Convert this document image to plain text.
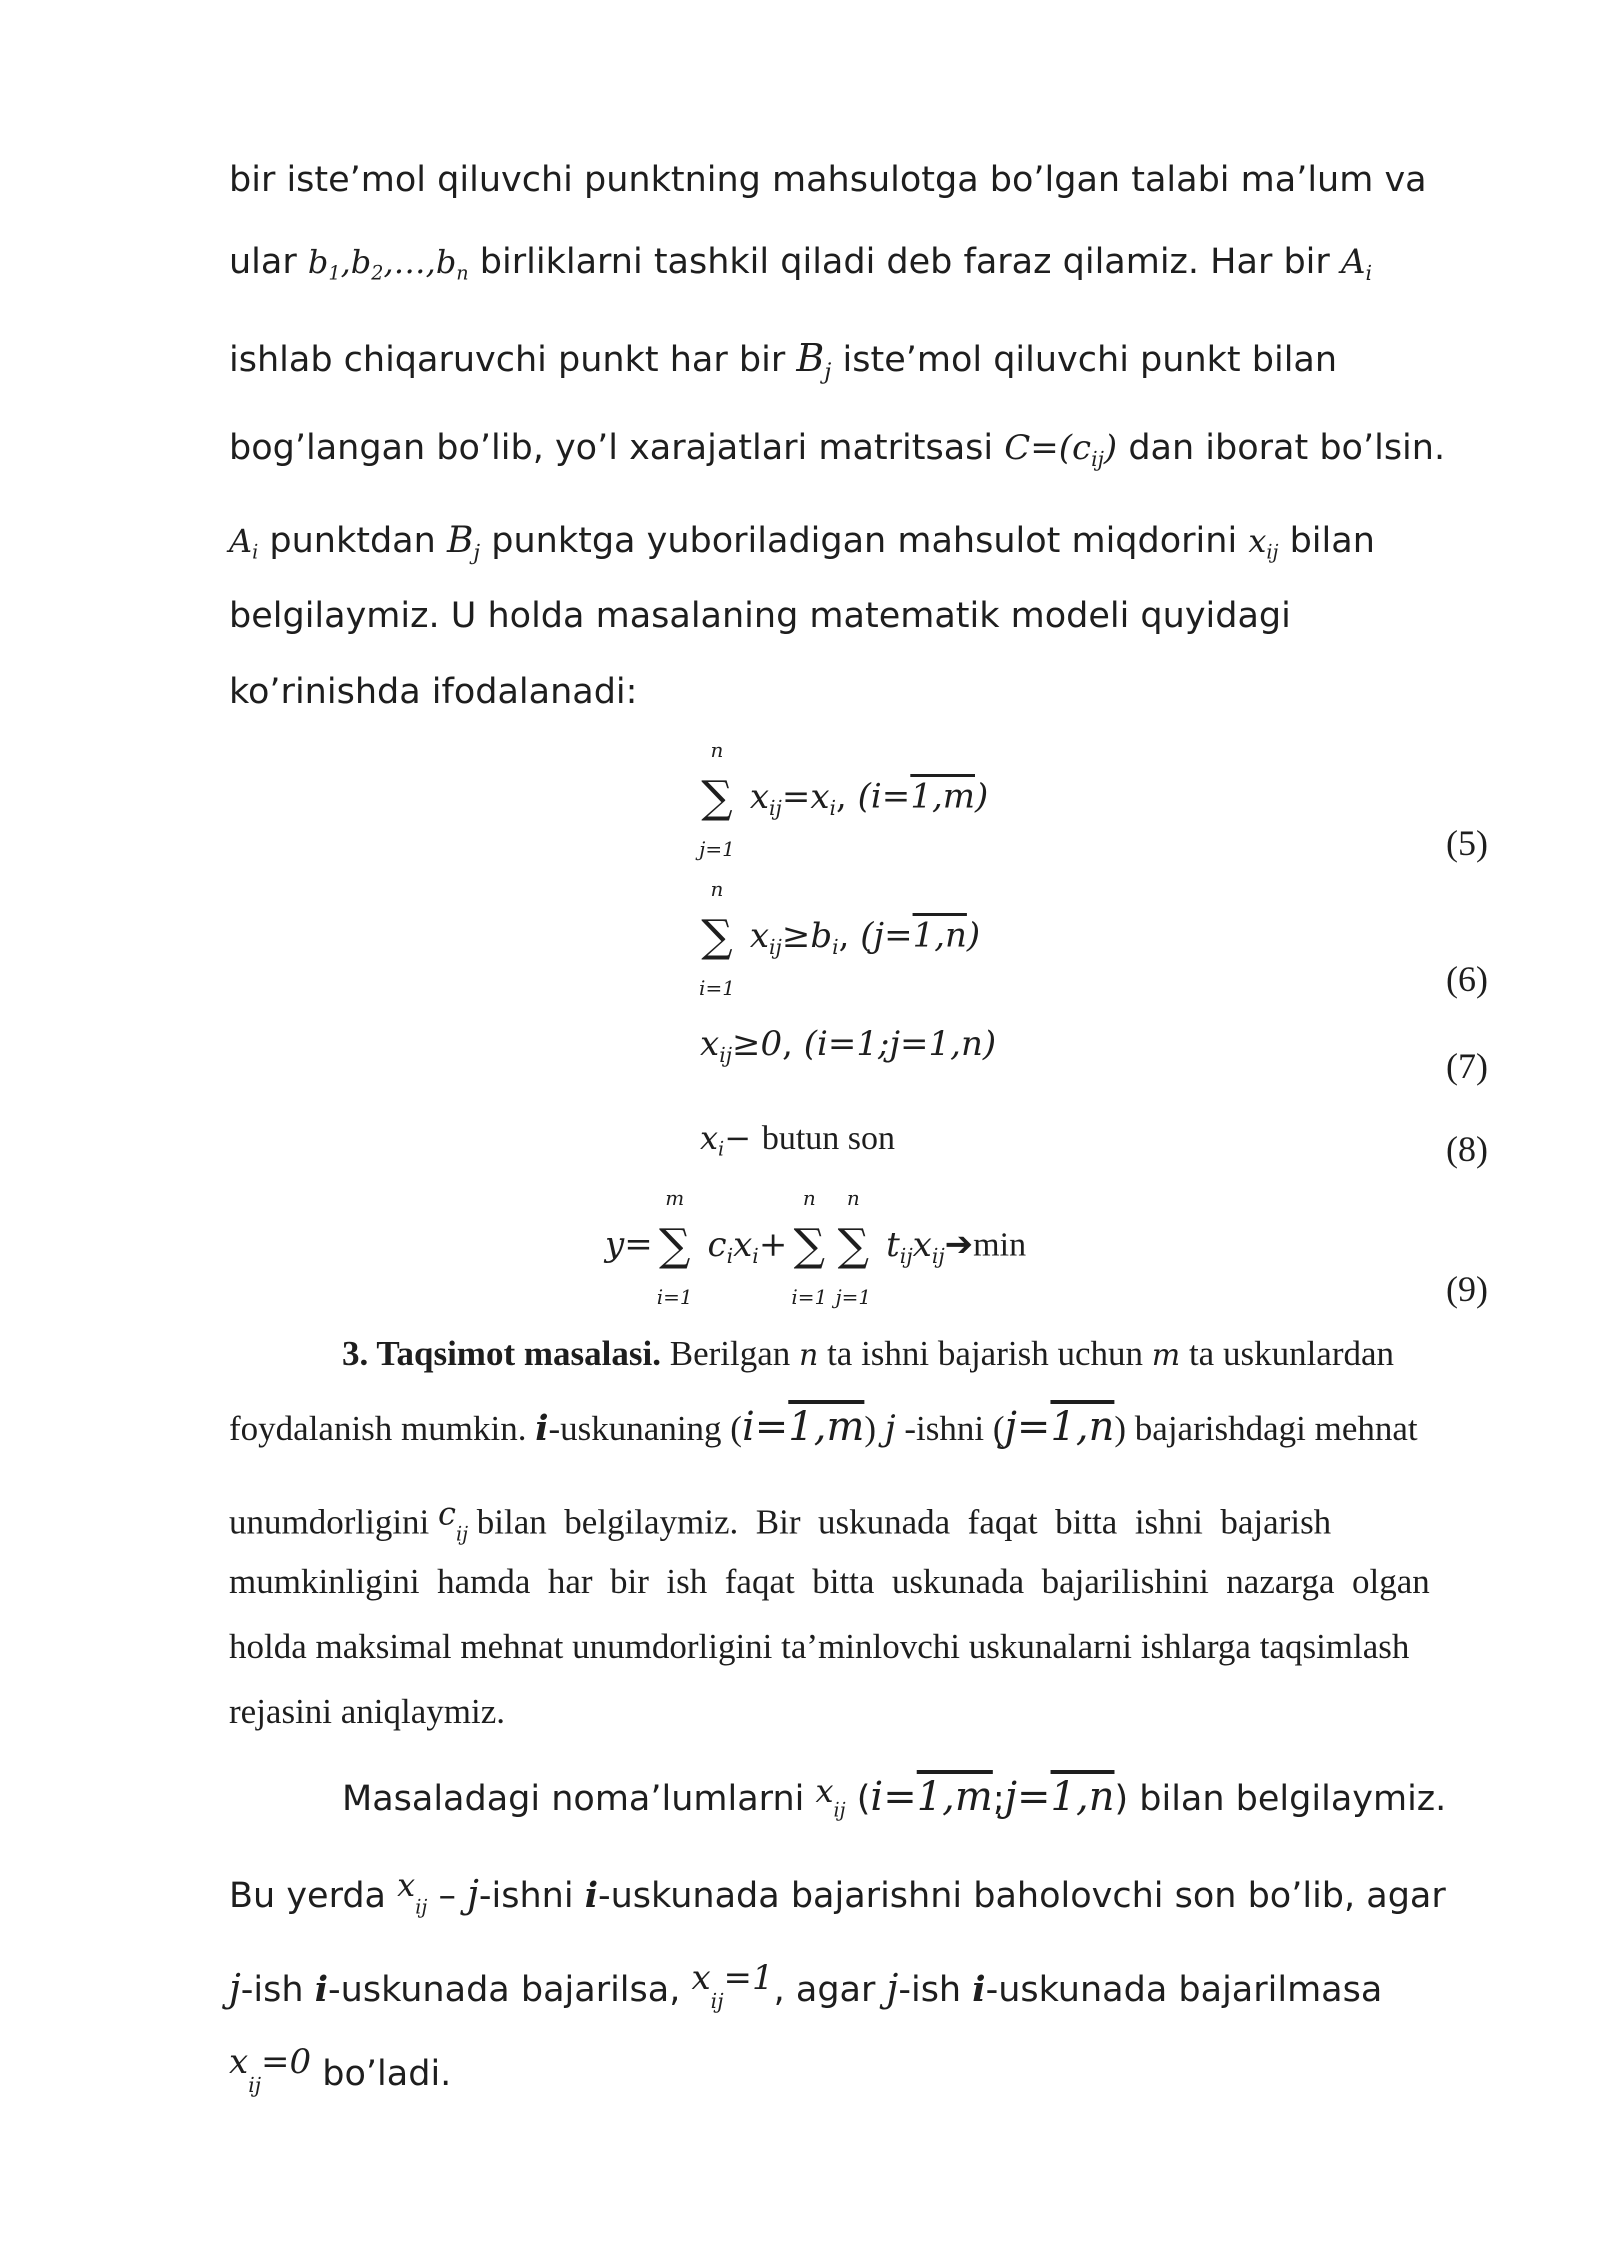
bir iste’mol qiluvchi punktning mahsulotga bo’lgan talabi ma’lum va
ular $b_1,b_2,\dots,b_n$ birliklarni tashkil qiladi deb faraz qilamiz. Har bir $A_i$
ishlab chiqaruvchi punkt har bir $B_j$ iste’mol qiluvchi punkt bilan
bog’langan bo’lib, yo’l xarajatlari matritsasi $C=(c_{ij})$ dan iborat bo’lsin.
$A_i$ punktdan $B_j$ punktga yuboriladigan mahsulot miqdorini $x_{ij}$ bilan
belgilaymiz. U holda masalaning matematik modeli quyidagi
ko’rinishda ifodalanadi:
n
∑
j=1
$x_{ij}=x_i$, (i=1,m)
(5)
n
∑
i=1
$x_{ij}\ge b_i$, (j=1,n)
(6)
$x_{ij}\ge 0$, (i=1;j=1,n)
(7)
$x_i-$ butun son	(8)
y=
m
∑
i=1
$c_ix_i+$
n
∑
i=1
n
∑
j=1
$t_{ij}x_{ij}➔\min$
(9)
3. Taqsimot masalasi. Berilgan n ta ishni bajarish uchun m ta uskunlardan
foydalanish mumkin. i-uskunaning (i=1,m) j -ishni (j=1,n) bajarishdagi mehnat
unumdorligini $c_{ij}$ bilan  belgilaymiz.  Bir  uskunada  faqat  bitta  ishni  bajarish
mumkinligini  hamda  har  bir  ish  faqat  bitta  uskunada  bajarilishini  nazarga  olgan
holda maksimal mehnat unumdorligini ta’minlovchi uskunalarni ishlarga taqsimlash
rejasini aniqlaymiz.
Masaladagi noma’lumlarni $x_{ij}$ (i=1,m;j=1,n) bilan belgilaymiz.
Bu yerda $x_{ij}$ – j-ishni i-uskunada bajarishni baholovchi son bo’lib, agar
j-ish i-uskunada bajarilsa, $x_{ij}=1$, agar j-ish i-uskunada bajarilmasa
$x_{ij}=0$ bo’ladi.
